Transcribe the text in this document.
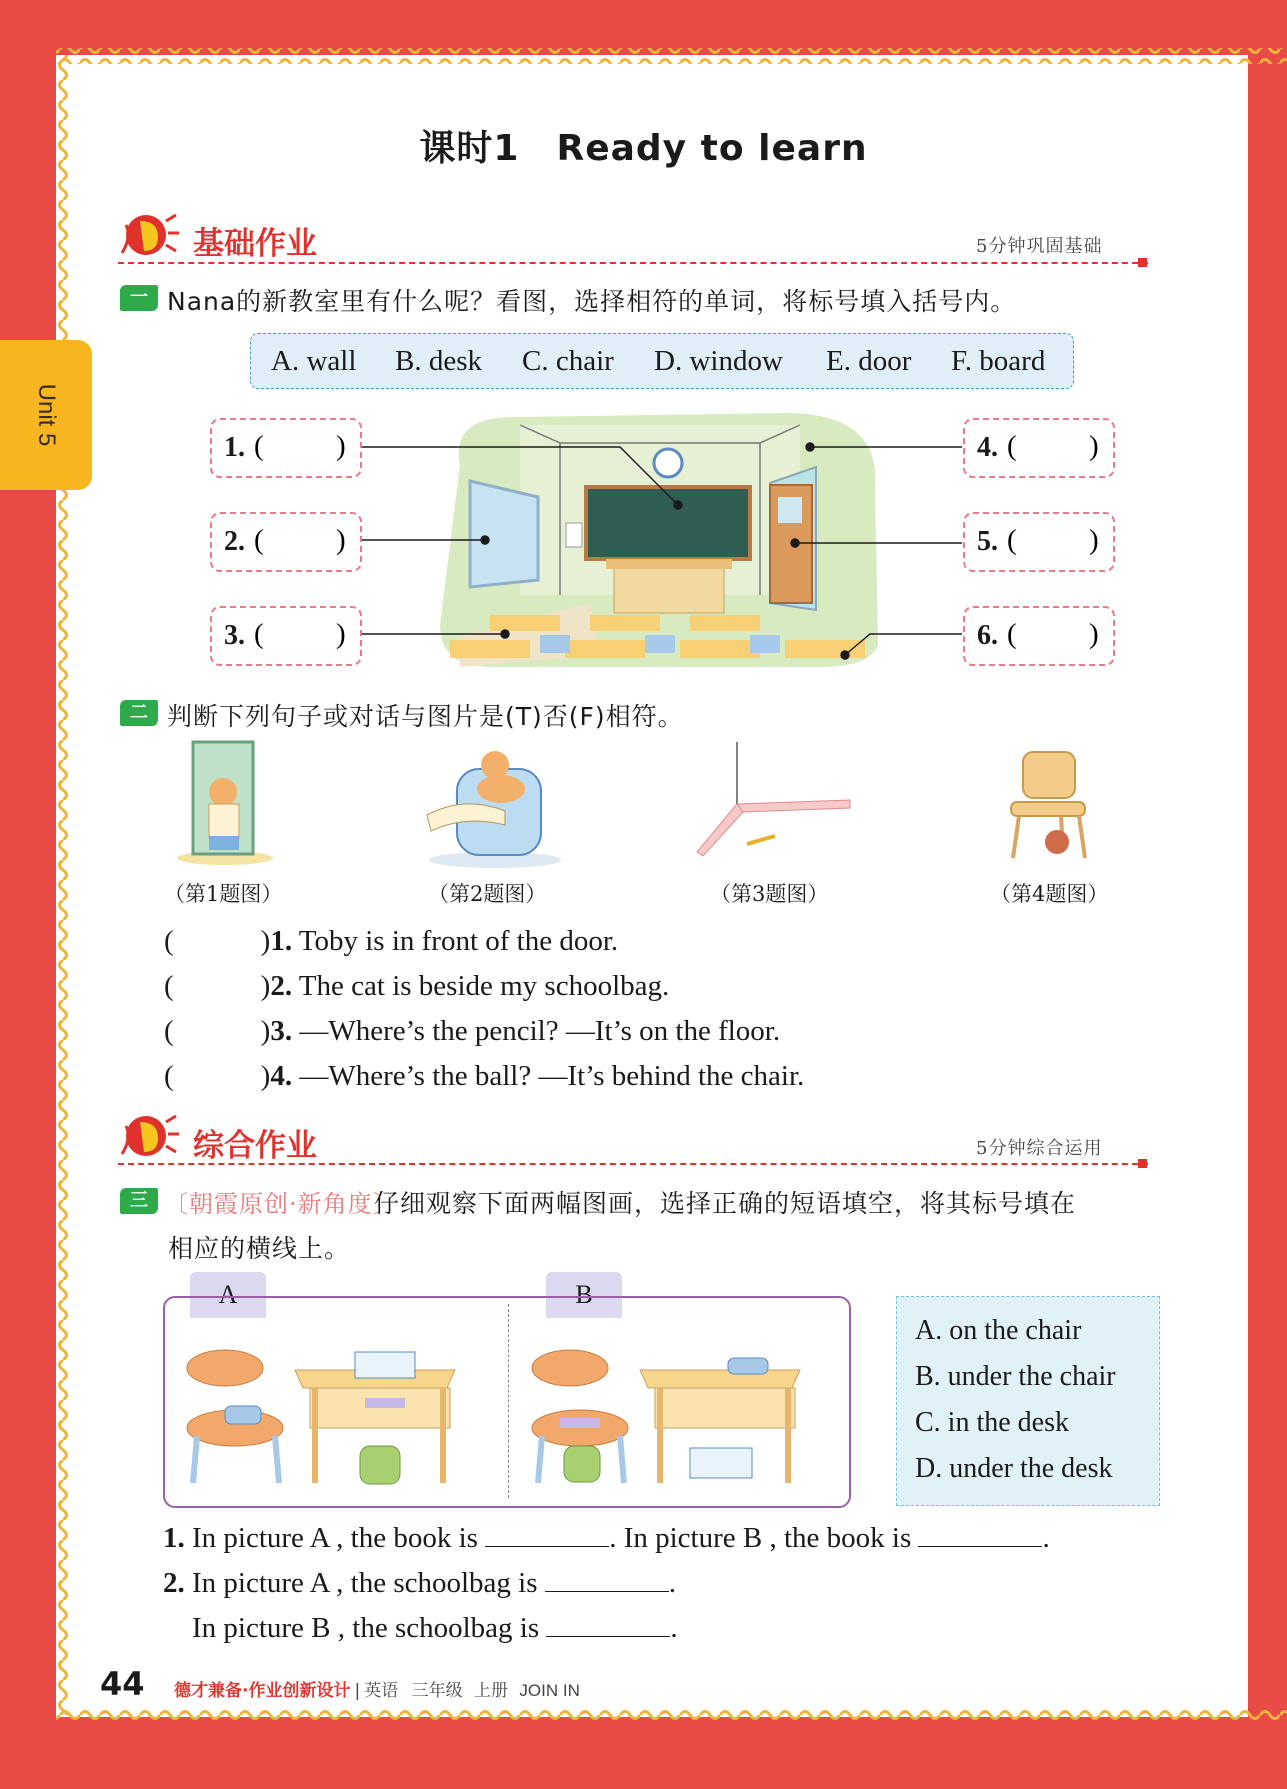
Unit 5
课时1　Ready to learn
基础作业	5分钟巩固基础
一 Nana的新教室里有什么呢？看图，选择相符的单词，将标号填入括号内。
A. wall B. desk C. chair D. window E. door F. board
1. ( )
2. ( )
3. ( )
4. ( )
5. ( )
6. ( )
二 判断下列句子或对话与图片是(T)否(F)相符。
（第1题图）	（第2题图）	（第3题图）	（第4题图）
(　　　)1. Toby is in front of the door.
(　　　)2. The cat is beside my schoolbag.
(　　　)3. —Where’s the pencil? —It’s on the floor.
(　　　)4. —Where’s the ball? —It’s behind the chair.
综合作业	5分钟综合运用
三 〔朝霞原创·新角度〕
仔细观察下面两幅图画，选择正确的短语填空，将其标号填在
相应的横线上。
A	B
A. on the chair
B. under the chair
C. in the desk
D. under the desk
1. In picture A , the book is	. In picture B , the book is	.
2. In picture A , the schoolbag is	.
In picture B , the schoolbag is	.
44 德才兼备·作业创新设计 | 英语 三年级 上册 JOIN IN
